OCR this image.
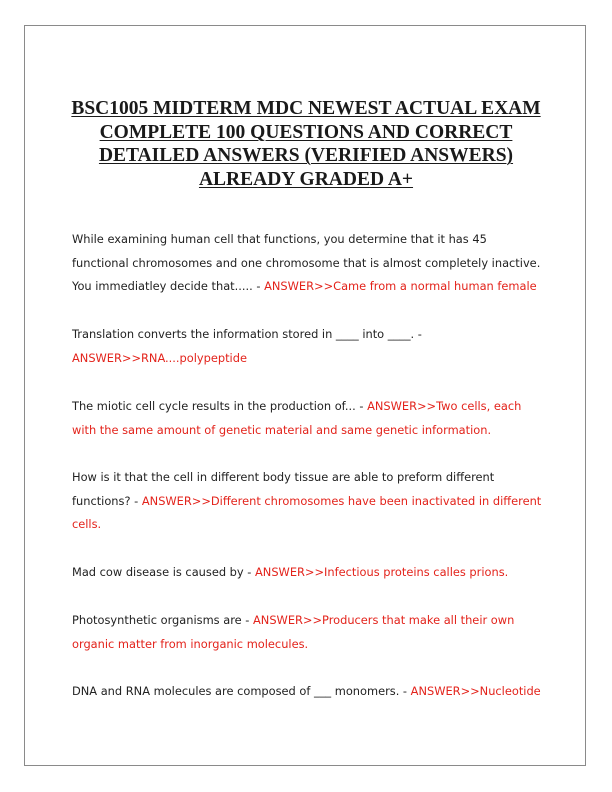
BSC1005 MIDTERM MDC NEWEST ACTUAL EXAM COMPLETE 100 QUESTIONS AND CORRECT DETAILED ANSWERS (VERIFIED ANSWERS) ALREADY GRADED A+

While examining human cell that functions, you determine that it has 45 functional chromosomes and one chromosome that is almost completely inactive. You immediatley decide that..... - ANSWER>>Came from a normal human female

Translation converts the information stored in ____ into ____. -
ANSWER>>RNA....polypeptide

The miotic cell cycle results in the production of... - ANSWER>>Two cells, each with the same amount of genetic material and same genetic information.

How is it that the cell in different body tissue are able to preform different functions? - ANSWER>>Different chromosomes have been inactivated in different cells.

Mad cow disease is caused by - ANSWER>>Infectious proteins calles prions.

Photosynthetic organisms are - ANSWER>>Producers that make all their own organic matter from inorganic molecules.

DNA and RNA molecules are composed of ___ monomers. - ANSWER>>Nucleotide
